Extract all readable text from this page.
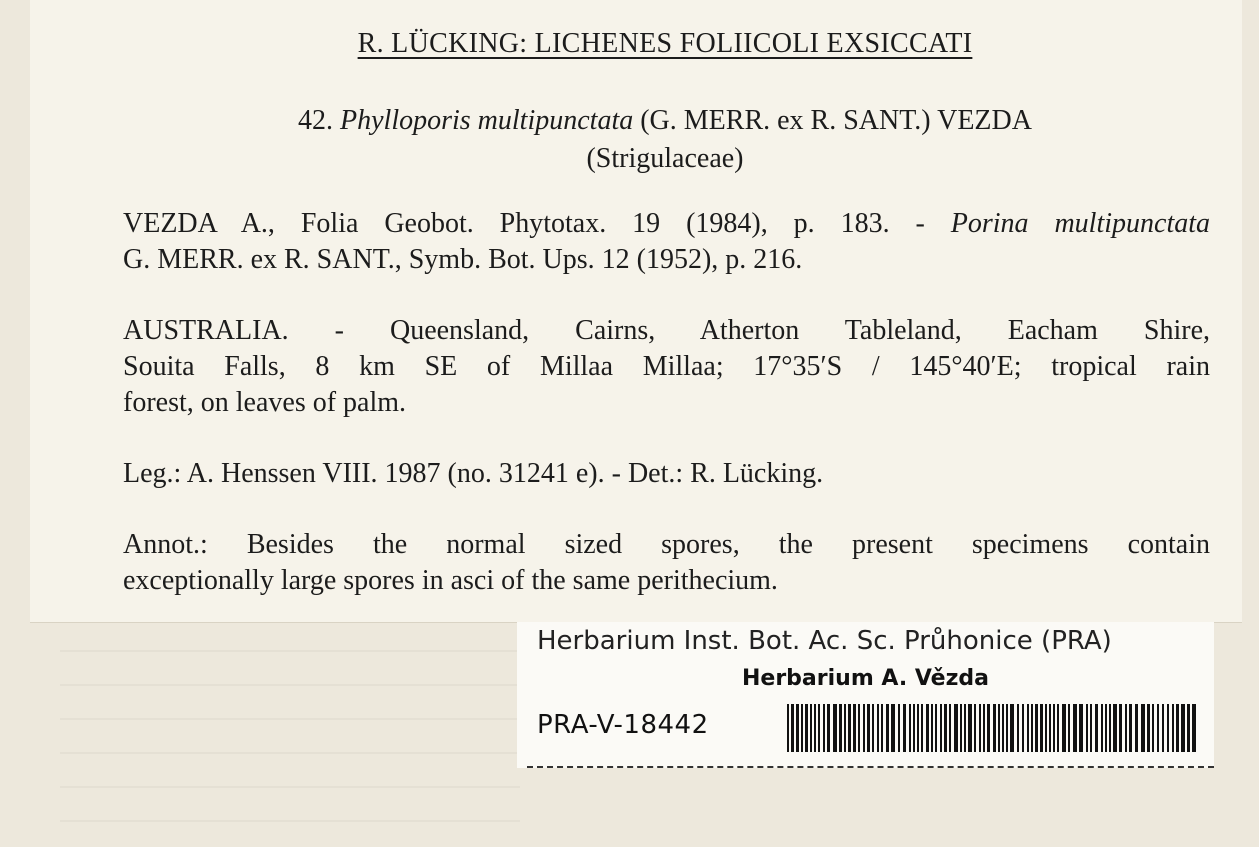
R. LÜCKING: LICHENES FOLIICOLI EXSICCATI
42. Phylloporis multipunctata (G. MERR. ex R. SANT.) VEZDA
(Strigulaceae)
VEZDA A., Folia Geobot. Phytotax. 19 (1984), p. 183. - Porina multipunctata
G. MERR. ex R. SANT., Symb. Bot. Ups. 12 (1952), p. 216.
AUSTRALIA. - Queensland, Cairns, Atherton Tableland, Eacham Shire,
Souita Falls, 8 km SE of Millaa Millaa; 17°35′S / 145°40′E; tropical rain
forest, on leaves of palm.
Leg.: A. Henssen VIII. 1987 (no. 31241 e). - Det.: R. Lücking.
Annot.: Besides the normal sized spores, the present specimens contain
exceptionally large spores in asci of the same perithecium.
Herbarium Inst. Bot. Ac. Sc. Průhonice (PRA)
Herbarium A. Vězda
PRA-V-18442
